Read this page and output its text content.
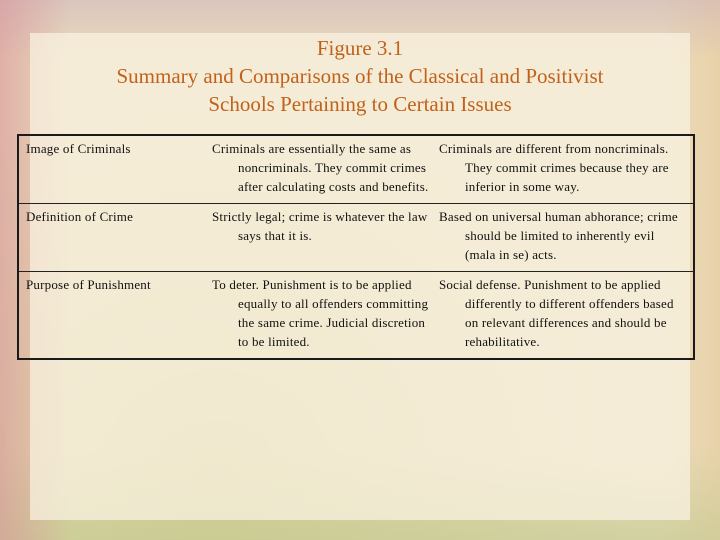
Figure 3.1
Summary and Comparisons of the Classical and Positivist
Schools Pertaining to Certain Issues
Image of Criminals	Criminals are essentially the same as noncriminals. They commit crimes after calculating costs and benefits.	Criminals are different from noncriminals. They commit crimes because they are inferior in some way.
Definition of Crime	Strictly legal; crime is whatever the law says that it is.	Based on universal human abhorance; crime should be limited to inherently evil (mala in se) acts.
Purpose of Punishment	To deter. Punishment is to be applied equally to all offenders committing the same crime. Judicial discretion to be limited.	Social defense. Punishment to be applied differently to different offenders based on relevant differences and should be rehabilitative.
